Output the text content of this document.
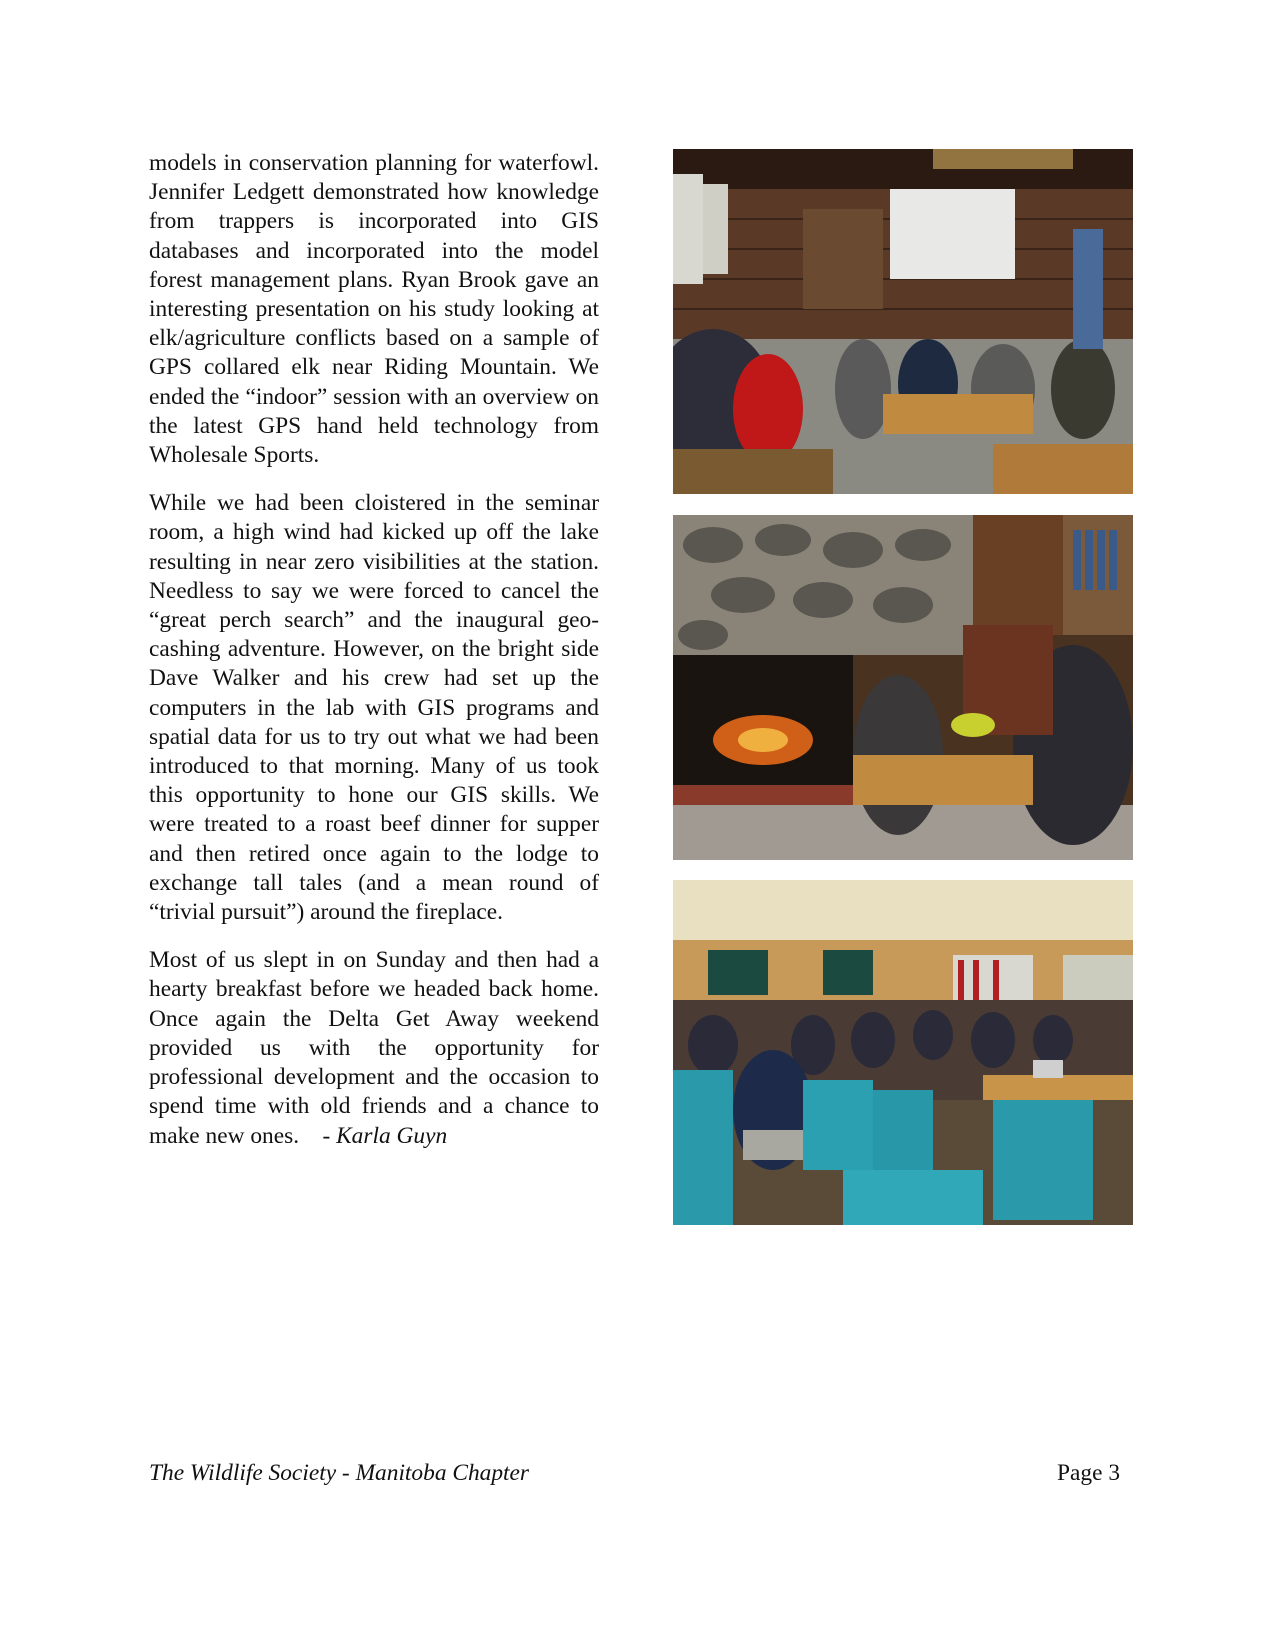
models in conservation planning for waterfowl. Jennifer Ledgett demonstrated how knowledge from trappers is incorporated into GIS databases and incorporated into the model forest management plans. Ryan Brook gave an interesting presentation on his study looking at elk/agriculture conflicts based on a sample of GPS collared elk near Riding Mountain. We ended the “indoor” session with an overview on the latest GPS hand held technology from Wholesale Sports.

While we had been cloistered in the seminar room, a high wind had kicked up off the lake resulting in near zero visibilities at the station. Needless to say we were forced to cancel the “great perch search” and the inaugural geo-cashing adventure. However, on the bright side Dave Walker and his crew had set up the computers in the lab with GIS programs and spatial data for us to try out what we had been introduced to that morning. Many of us took this opportunity to hone our GIS skills. We were treated to a roast beef dinner for supper and then retired once again to the lodge to exchange tall tales (and a mean round of “trivial pursuit”) around the fireplace.

Most of us slept in on Sunday and then had a hearty breakfast before we headed back home. Once again the Delta Get Away weekend provided us with the opportunity for professional development and the occasion to spend time with old friends and a chance to make new ones. - Karla Guyn

The Wildlife Society - Manitoba Chapter	Page 3
